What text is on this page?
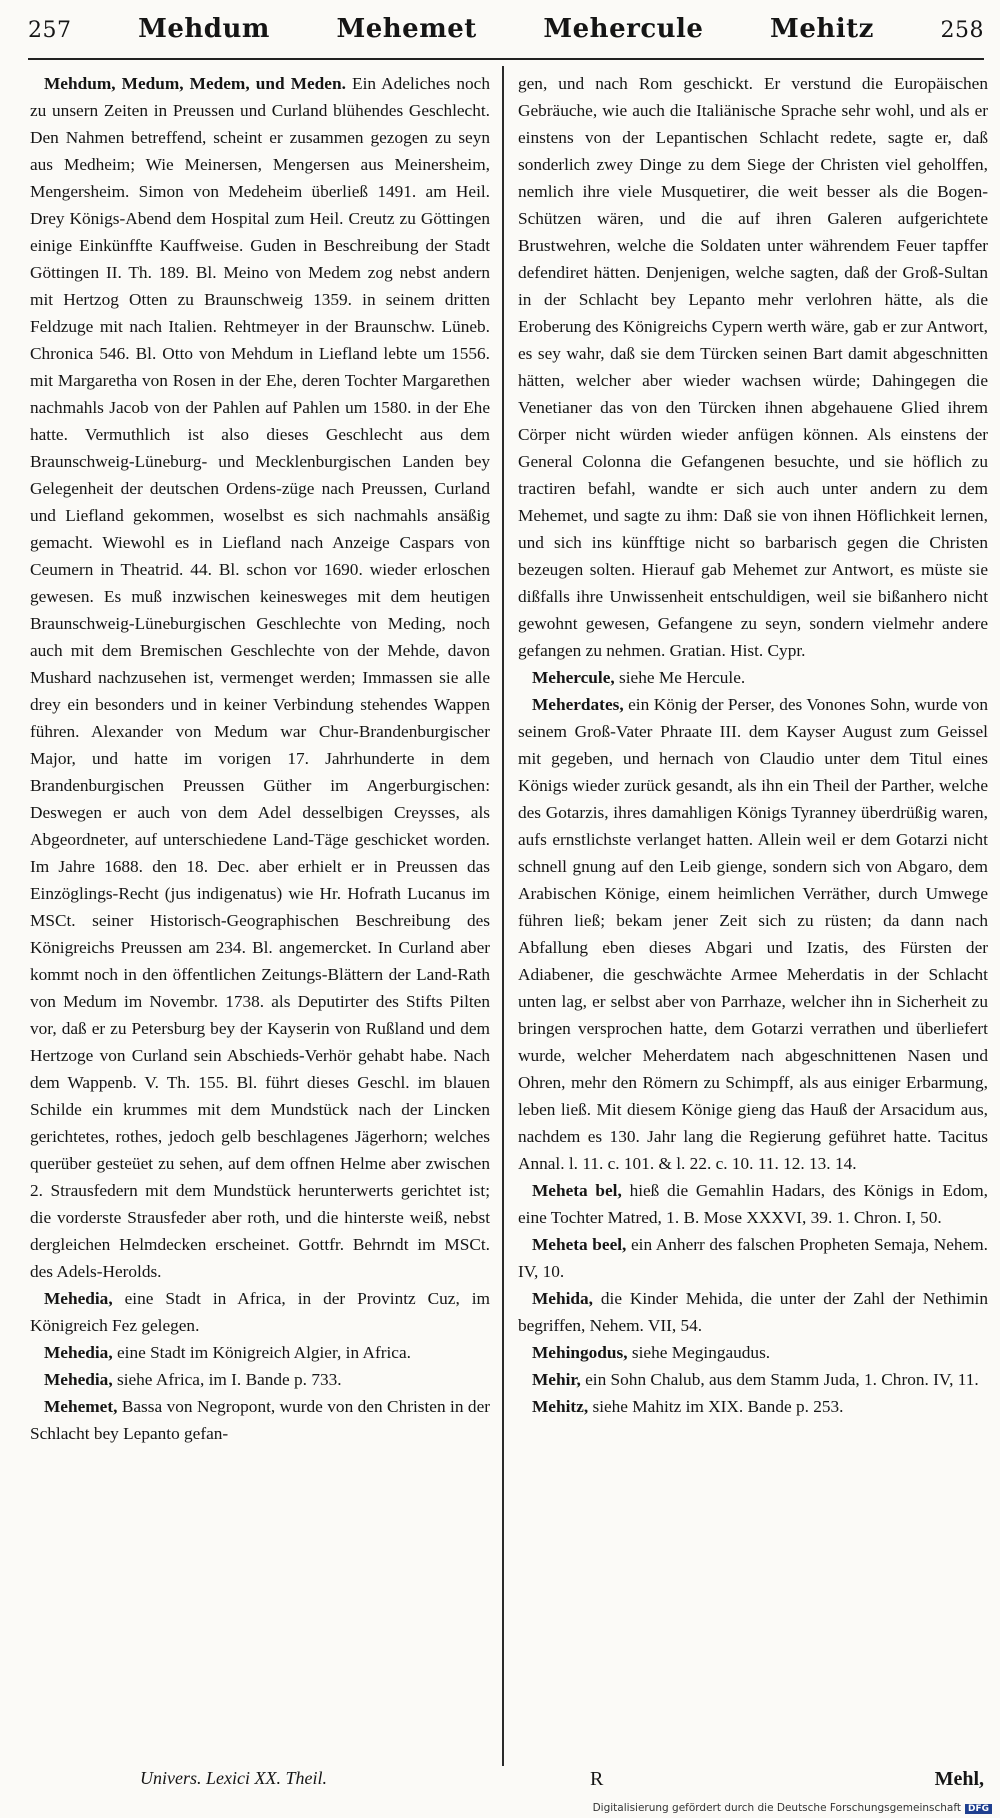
257	Mehdum	Mehemet	Mehercule	Mehitz	258

Mehdum, Medum, Medem, und Meden. Ein Adeliches noch zu unsern Zeiten in Preussen und Curland blühendes Geschlecht. Den Nahmen betreffend, scheint er zusammen gezogen zu seyn aus Medheim; Wie Meinersen, Mengersen aus Meinersheim, Mengersheim. Simon von Medeheim überließ 1491. am Heil. Drey Königs-Abend dem Hospital zum Heil. Creutz zu Göttingen einige Einkünffte Kauffweise. Guden in Beschreibung der Stadt Göttingen II. Th. 189. Bl. Meino von Medem zog nebst andern mit Hertzog Otten zu Braunschweig 1359. in seinem dritten Feldzuge mit nach Italien. Rehtmeyer in der Braunschw. Lüneb. Chronica 546. Bl. Otto von Mehdum in Liefland lebte um 1556. mit Margaretha von Rosen in der Ehe, deren Tochter Margarethen nachmahls Jacob von der Pahlen auf Pahlen um 1580. in der Ehe hatte. Vermuthlich ist also dieses Geschlecht aus dem Braunschweig-Lüneburg- und Mecklenburgischen Landen bey Gelegenheit der deutschen Ordens-züge nach Preussen, Curland und Liefland gekommen, woselbst es sich nachmahls ansäßig gemacht. Wiewohl es in Liefland nach Anzeige Caspars von Ceumern in Theatrid. 44. Bl. schon vor 1690. wieder erloschen gewesen. Es muß inzwischen keinesweges mit dem heutigen Braunschweig-Lüneburgischen Geschlechte von Meding, noch auch mit dem Bremischen Geschlechte von der Mehde, davon Mushard nachzusehen ist, vermenget werden; Immassen sie alle drey ein besonders und in keiner Verbindung stehendes Wappen führen. Alexander von Medum war Chur-Brandenburgischer Major, und hatte im vorigen 17. Jahrhunderte in dem Brandenburgischen Preussen Güther im Angerburgischen: Deswegen er auch von dem Adel desselbigen Creysses, als Abgeordneter, auf unterschiedene Land-Täge geschicket worden. Im Jahre 1688. den 18. Dec. aber erhielt er in Preussen das Einzöglings-Recht (jus indigenatus) wie Hr. Hofrath Lucanus im MSCt. seiner Historisch-Geographischen Beschreibung des Königreichs Preussen am 234. Bl. angemercket. In Curland aber kommt noch in den öffentlichen Zeitungs-Blättern der Land-Rath von Medum im Novembr. 1738. als Deputirter des Stifts Pilten vor, daß er zu Petersburg bey der Kayserin von Rußland und dem Hertzoge von Curland sein Abschieds-Verhör gehabt habe. Nach dem Wappenb. V. Th. 155. Bl. führt dieses Geschl. im blauen Schilde ein krummes mit dem Mundstück nach der Lincken gerichtetes, rothes, jedoch gelb beschlagenes Jägerhorn; welches querüber gesteüet zu sehen, auf dem offnen Helme aber zwischen 2. Strausfedern mit dem Mundstück herunterwerts gerichtet ist; die vorderste Strausfeder aber roth, und die hinterste weiß, nebst dergleichen Helmdecken erscheinet. Gottfr. Behrndt im MSCt. des Adels-Herolds.

Mehedia, eine Stadt in Africa, in der Provintz Cuz, im Königreich Fez gelegen.

Mehedia, eine Stadt im Königreich Algier, in Africa.

Mehedia, siehe Africa, im I. Bande p. 733.

Mehemet, Bassa von Negropont, wurde von den Christen in der Schlacht bey Lepanto gefan-

gen, und nach Rom geschickt. Er verstund die Europäischen Gebräuche, wie auch die Italiänische Sprache sehr wohl, und als er einstens von der Lepantischen Schlacht redete, sagte er, daß sonderlich zwey Dinge zu dem Siege der Christen viel geholffen, nemlich ihre viele Musquetirer, die weit besser als die Bogen-Schützen wären, und die auf ihren Galeren aufgerichtete Brustwehren, welche die Soldaten unter währendem Feuer tapffer defendiret hätten. Denjenigen, welche sagten, daß der Groß-Sultan in der Schlacht bey Lepanto mehr verlohren hätte, als die Eroberung des Königreichs Cypern werth wäre, gab er zur Antwort, es sey wahr, daß sie dem Türcken seinen Bart damit abgeschnitten hätten, welcher aber wieder wachsen würde; Dahingegen die Venetianer das von den Türcken ihnen abgehauene Glied ihrem Cörper nicht würden wieder anfügen können. Als einstens der General Colonna die Gefangenen besuchte, und sie höflich zu tractiren befahl, wandte er sich auch unter andern zu dem Mehemet, und sagte zu ihm: Daß sie von ihnen Höflichkeit lernen, und sich ins künfftige nicht so barbarisch gegen die Christen bezeugen solten. Hierauf gab Mehemet zur Antwort, es müste sie dißfalls ihre Unwissenheit entschuldigen, weil sie bißanhero nicht gewohnt gewesen, Gefangene zu seyn, sondern vielmehr andere gefangen zu nehmen. Gratian. Hist. Cypr.

Mehercule, siehe Me Hercule.

Meherdates, ein König der Perser, des Vonones Sohn, wurde von seinem Groß-Vater Phraate III. dem Kayser August zum Geissel mit gegeben, und hernach von Claudio unter dem Titul eines Königs wieder zurück gesandt, als ihn ein Theil der Parther, welche des Gotarzis, ihres damahligen Königs Tyranney überdrüßig waren, aufs ernstlichste verlanget hatten. Allein weil er dem Gotarzi nicht schnell gnung auf den Leib gienge, sondern sich von Abgaro, dem Arabischen Könige, einem heimlichen Verräther, durch Umwege führen ließ; bekam jener Zeit sich zu rüsten; da dann nach Abfallung eben dieses Abgari und Izatis, des Fürsten der Adiabener, die geschwächte Armee Meherdatis in der Schlacht unten lag, er selbst aber von Parrhaze, welcher ihn in Sicherheit zu bringen versprochen hatte, dem Gotarzi verrathen und überliefert wurde, welcher Meherdatem nach abgeschnittenen Nasen und Ohren, mehr den Römern zu Schimpff, als aus einiger Erbarmung, leben ließ. Mit diesem Könige gieng das Hauß der Arsacidum aus, nachdem es 130. Jahr lang die Regierung geführet hatte. Tacitus Annal. l. 11. c. 101. & l. 22. c. 10. 11. 12. 13. 14.

Meheta bel, hieß die Gemahlin Hadars, des Königs in Edom, eine Tochter Matred, 1. B. Mose XXXVI, 39. 1. Chron. I, 50.

Meheta beel, ein Anherr des falschen Propheten Semaja, Nehem. IV, 10.

Mehida, die Kinder Mehida, die unter der Zahl der Nethimin begriffen, Nehem. VII, 54.

Mehingodus, siehe Megingaudus.

Mehir, ein Sohn Chalub, aus dem Stamm Juda, 1. Chron. IV, 11.

Mehitz, siehe Mahitz im XIX. Bande p. 253.

Univers. Lexici XX. Theil.	R	Mehl,
Digitalisierung gefördert durch die Deutsche Forschungsgemeinschaft DFG
